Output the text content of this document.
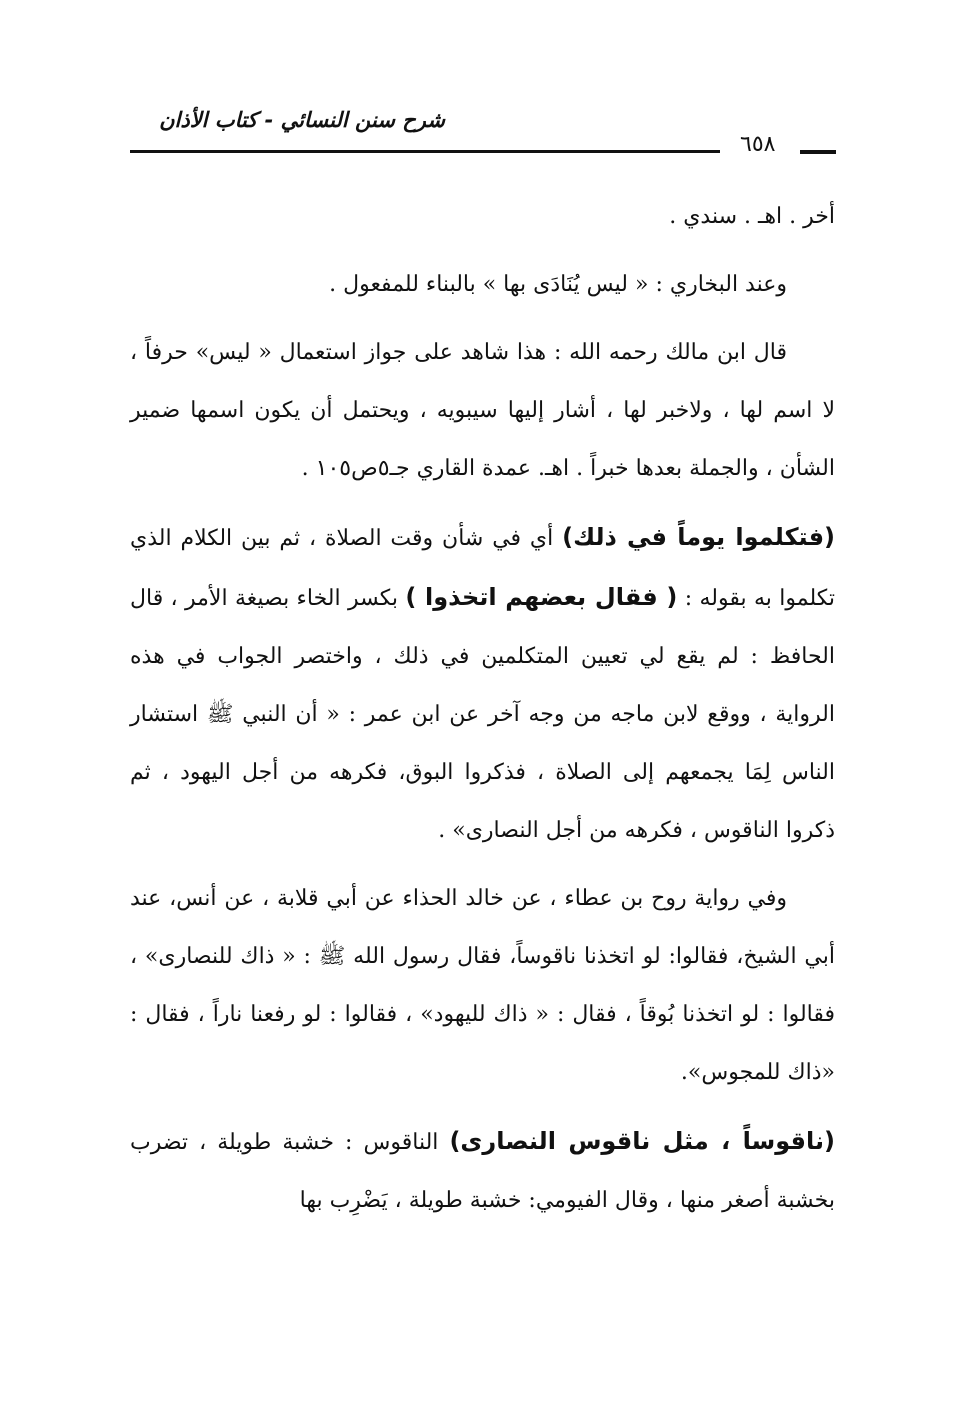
شرح سنن النسائي - كتاب الأذان
٦٥٨

أخر . اهـ . سندي .

وعند البخاري : « ليس يُنَادَى بها » بالبناء للمفعول .

قال ابن مالك رحمه الله : هذا شاهد على جواز استعمال « ليس» حرفاً ، لا اسم لها ، ولاخبر لها ، أشار إليها سيبويه ، ويحتمل أن يكون اسمها ضمير الشأن ، والجملة بعدها خبراً . اهـ. عمدة القاري جـ٥ص١٠٥ .

(فتكلموا يوماً في ذلك) أي في شأن وقت الصلاة ، ثم بين الكلام الذي تكلموا به بقوله : ( فقال بعضهم اتخذوا ) بكسر الخاء بصيغة الأمر ، قال الحافظ : لم يقع لي تعيين المتكلمين في ذلك ، واختصر الجواب في هذه الرواية ، ووقع لابن ماجه من وجه آخر عن ابن عمر : « أن النبي ﷺ استشار الناس لِمَا يجمعهم إلى الصلاة ، فذكروا البوق، فكرهه من أجل اليهود ، ثم ذكروا الناقوس ، فكرهه من أجل النصارى» .

وفي رواية روح بن عطاء ، عن خالد الحذاء عن أبي قلابة ، عن أنس، عند أبي الشيخ، فقالوا: لو اتخذنا ناقوساً، فقال رسول الله ﷺ : « ذاك للنصارى» ، فقالوا : لو اتخذنا بُوقاً ، فقال : « ذاك لليهود» ، فقالوا : لو رفعنا ناراً ، فقال : «ذاك للمجوس».

(ناقوساً ، مثل ناقوس النصارى) الناقوس : خشبة طويلة ، تضرب بخشبة أصغر منها ، وقال الفيومي: خشبة طويلة ، يَضْرِب بها
